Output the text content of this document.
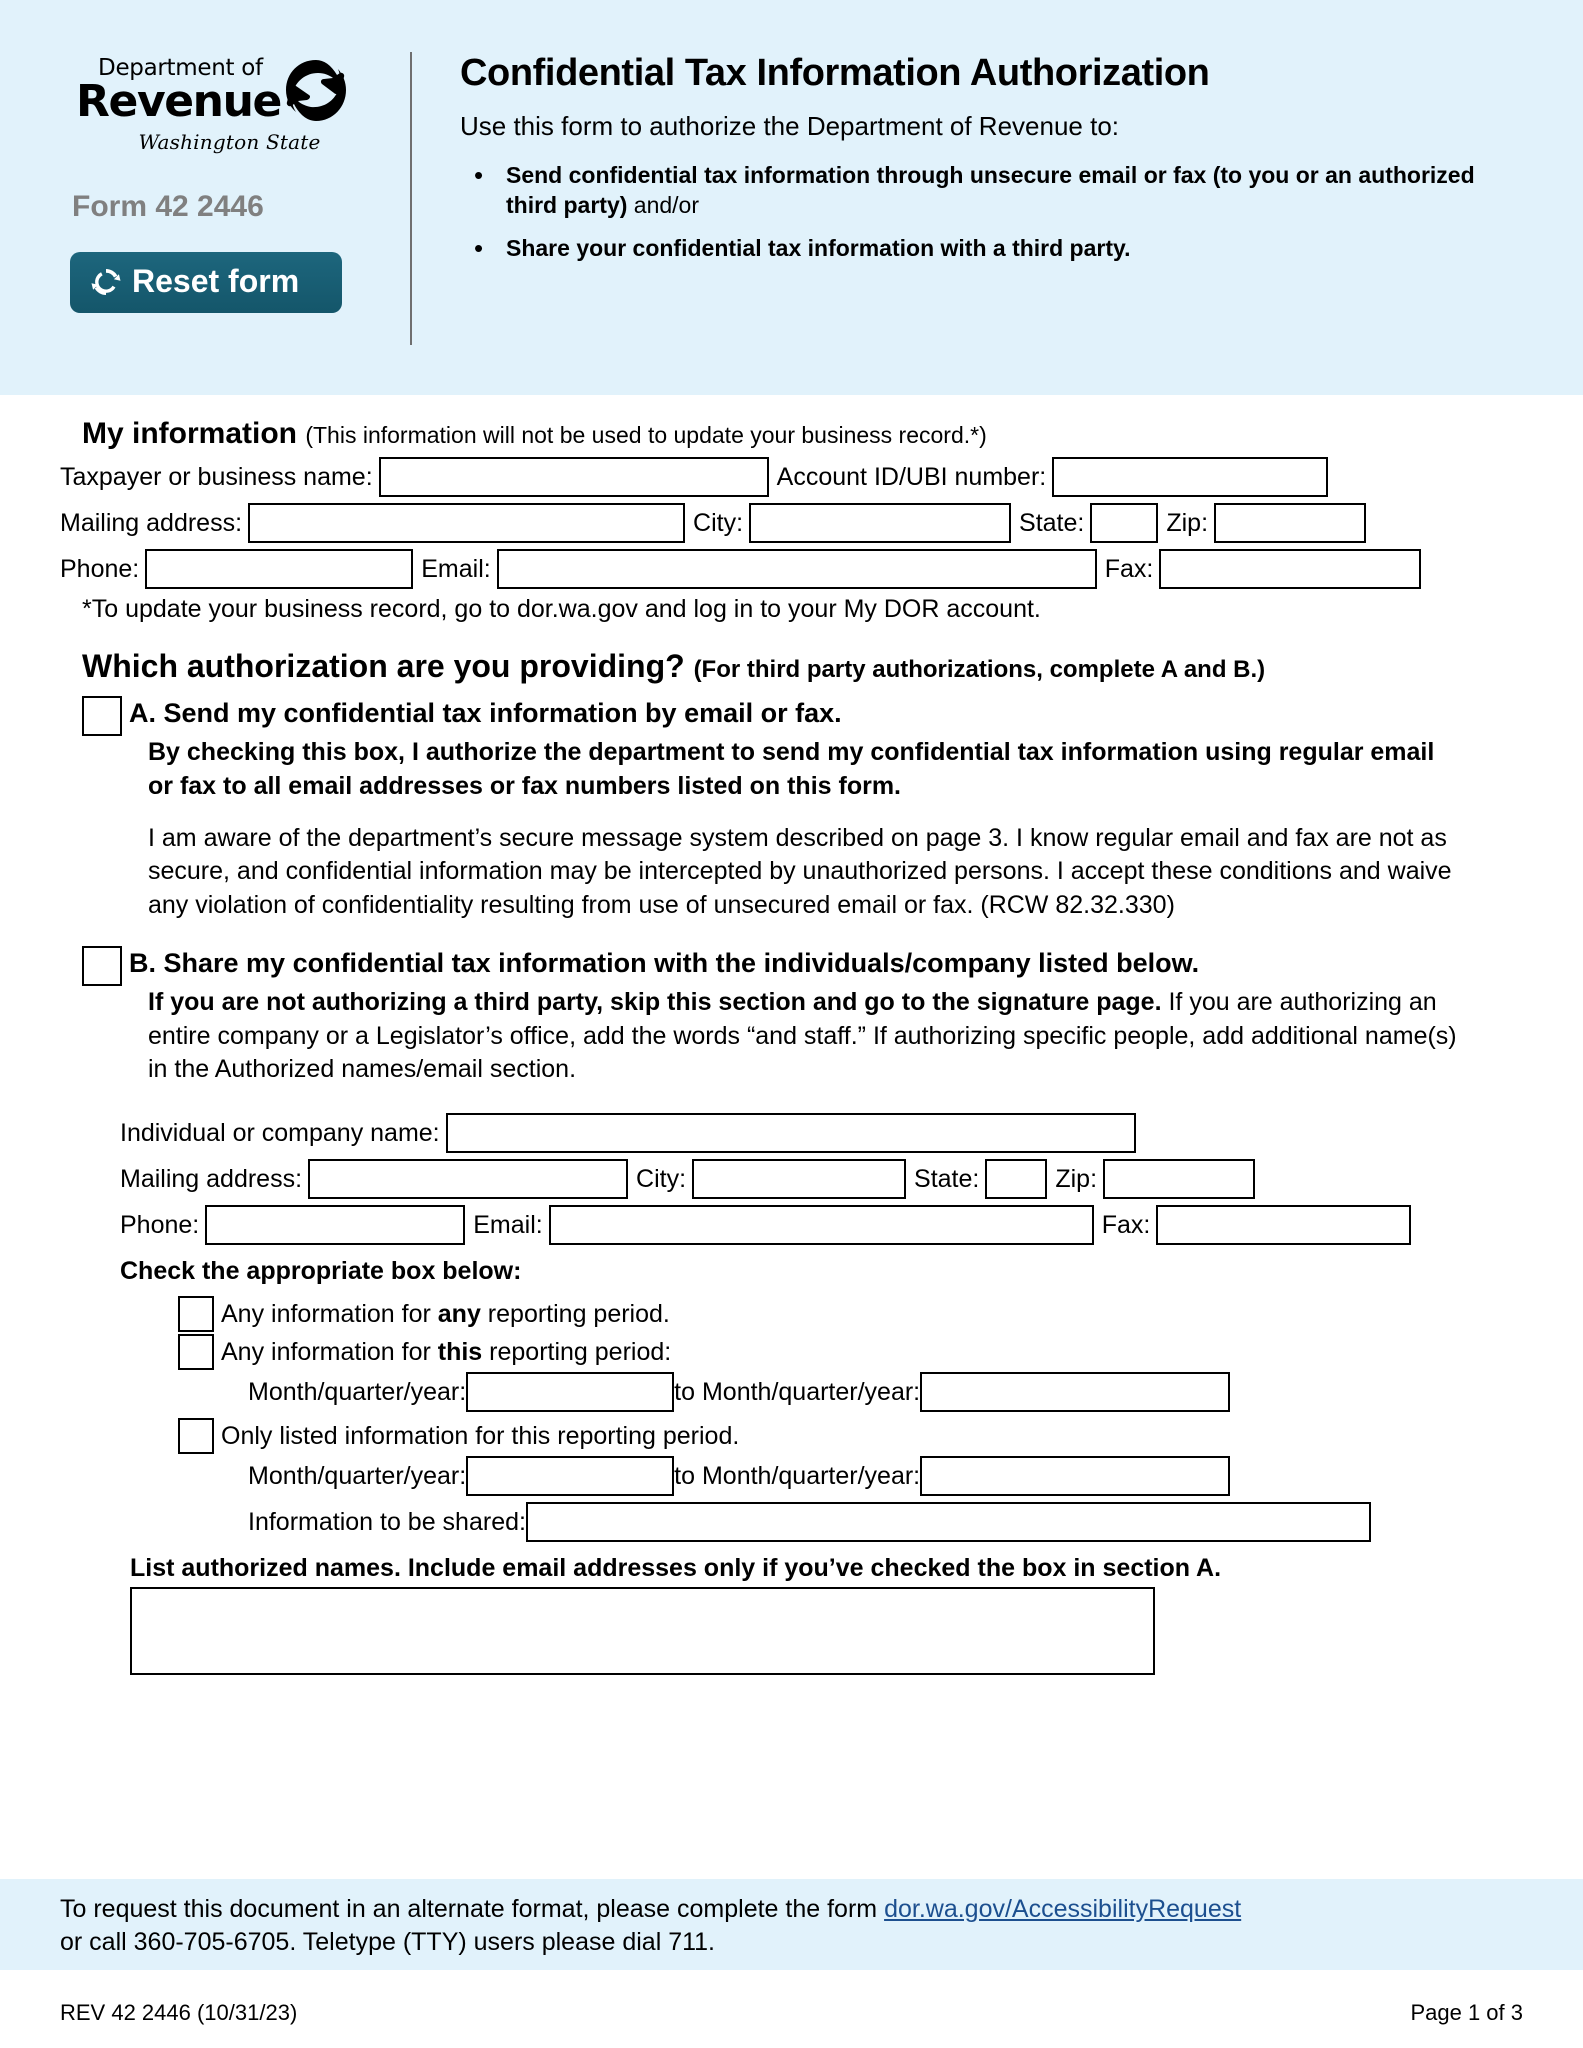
Department of
Revenue
Washington State
Form 42 2446
Reset form
Confidential Tax Information Authorization

Use this form to authorize the Department of Revenue to:

• Send confidential tax information through unsecure email or fax (to you or an authorized third party) and/or
• Share your confidential tax information with a third party.
My information (This information will not be used to update your business record.*)
Taxpayer or business name:	Account ID/UBI number:
Mailing address:	City:	State:	Zip:
Phone:	Email:	Fax:
*To update your business record, go to dor.wa.gov and log in to your My DOR account.
Which authorization are you providing? (For third party authorizations, complete A and B.)
A. Send my confidential tax information by email or fax.

By checking this box, I authorize the department to send my confidential tax information using regular email or fax to all email addresses or fax numbers listed on this form.

I am aware of the department’s secure message system described on page 3. I know regular email and fax are not as secure, and confidential information may be intercepted by unauthorized persons. I accept these conditions and waive any violation of confidentiality resulting from use of unsecured email or fax. (RCW 82.32.330)

B. Share my confidential tax information with the individuals/company listed below.

If you are not authorizing a third party, skip this section and go to the signature page. If you are authorizing an entire company or a Legislator’s office, add the words “and staff.” If authorizing specific people, add additional name(s) in the Authorized names/email section.

Individual or company name:
Mailing address:	City:	State:	Zip:
Phone:	Email:	Fax:
Check the appropriate box below:
Any information for any reporting period.
Any information for this reporting period:
Month/quarter/year:	to Month/quarter/year:
Only listed information for this reporting period.
Month/quarter/year:	to Month/quarter/year:
Information to be shared:
List authorized names. Include email addresses only if you’ve checked the box in section A.
To request this document in an alternate format, please complete the form dor.wa.gov/AccessibilityRequest
or call 360-705-6705. Teletype (TTY) users please dial 711.
REV 42 2446 (10/31/23)	Page 1 of 3
